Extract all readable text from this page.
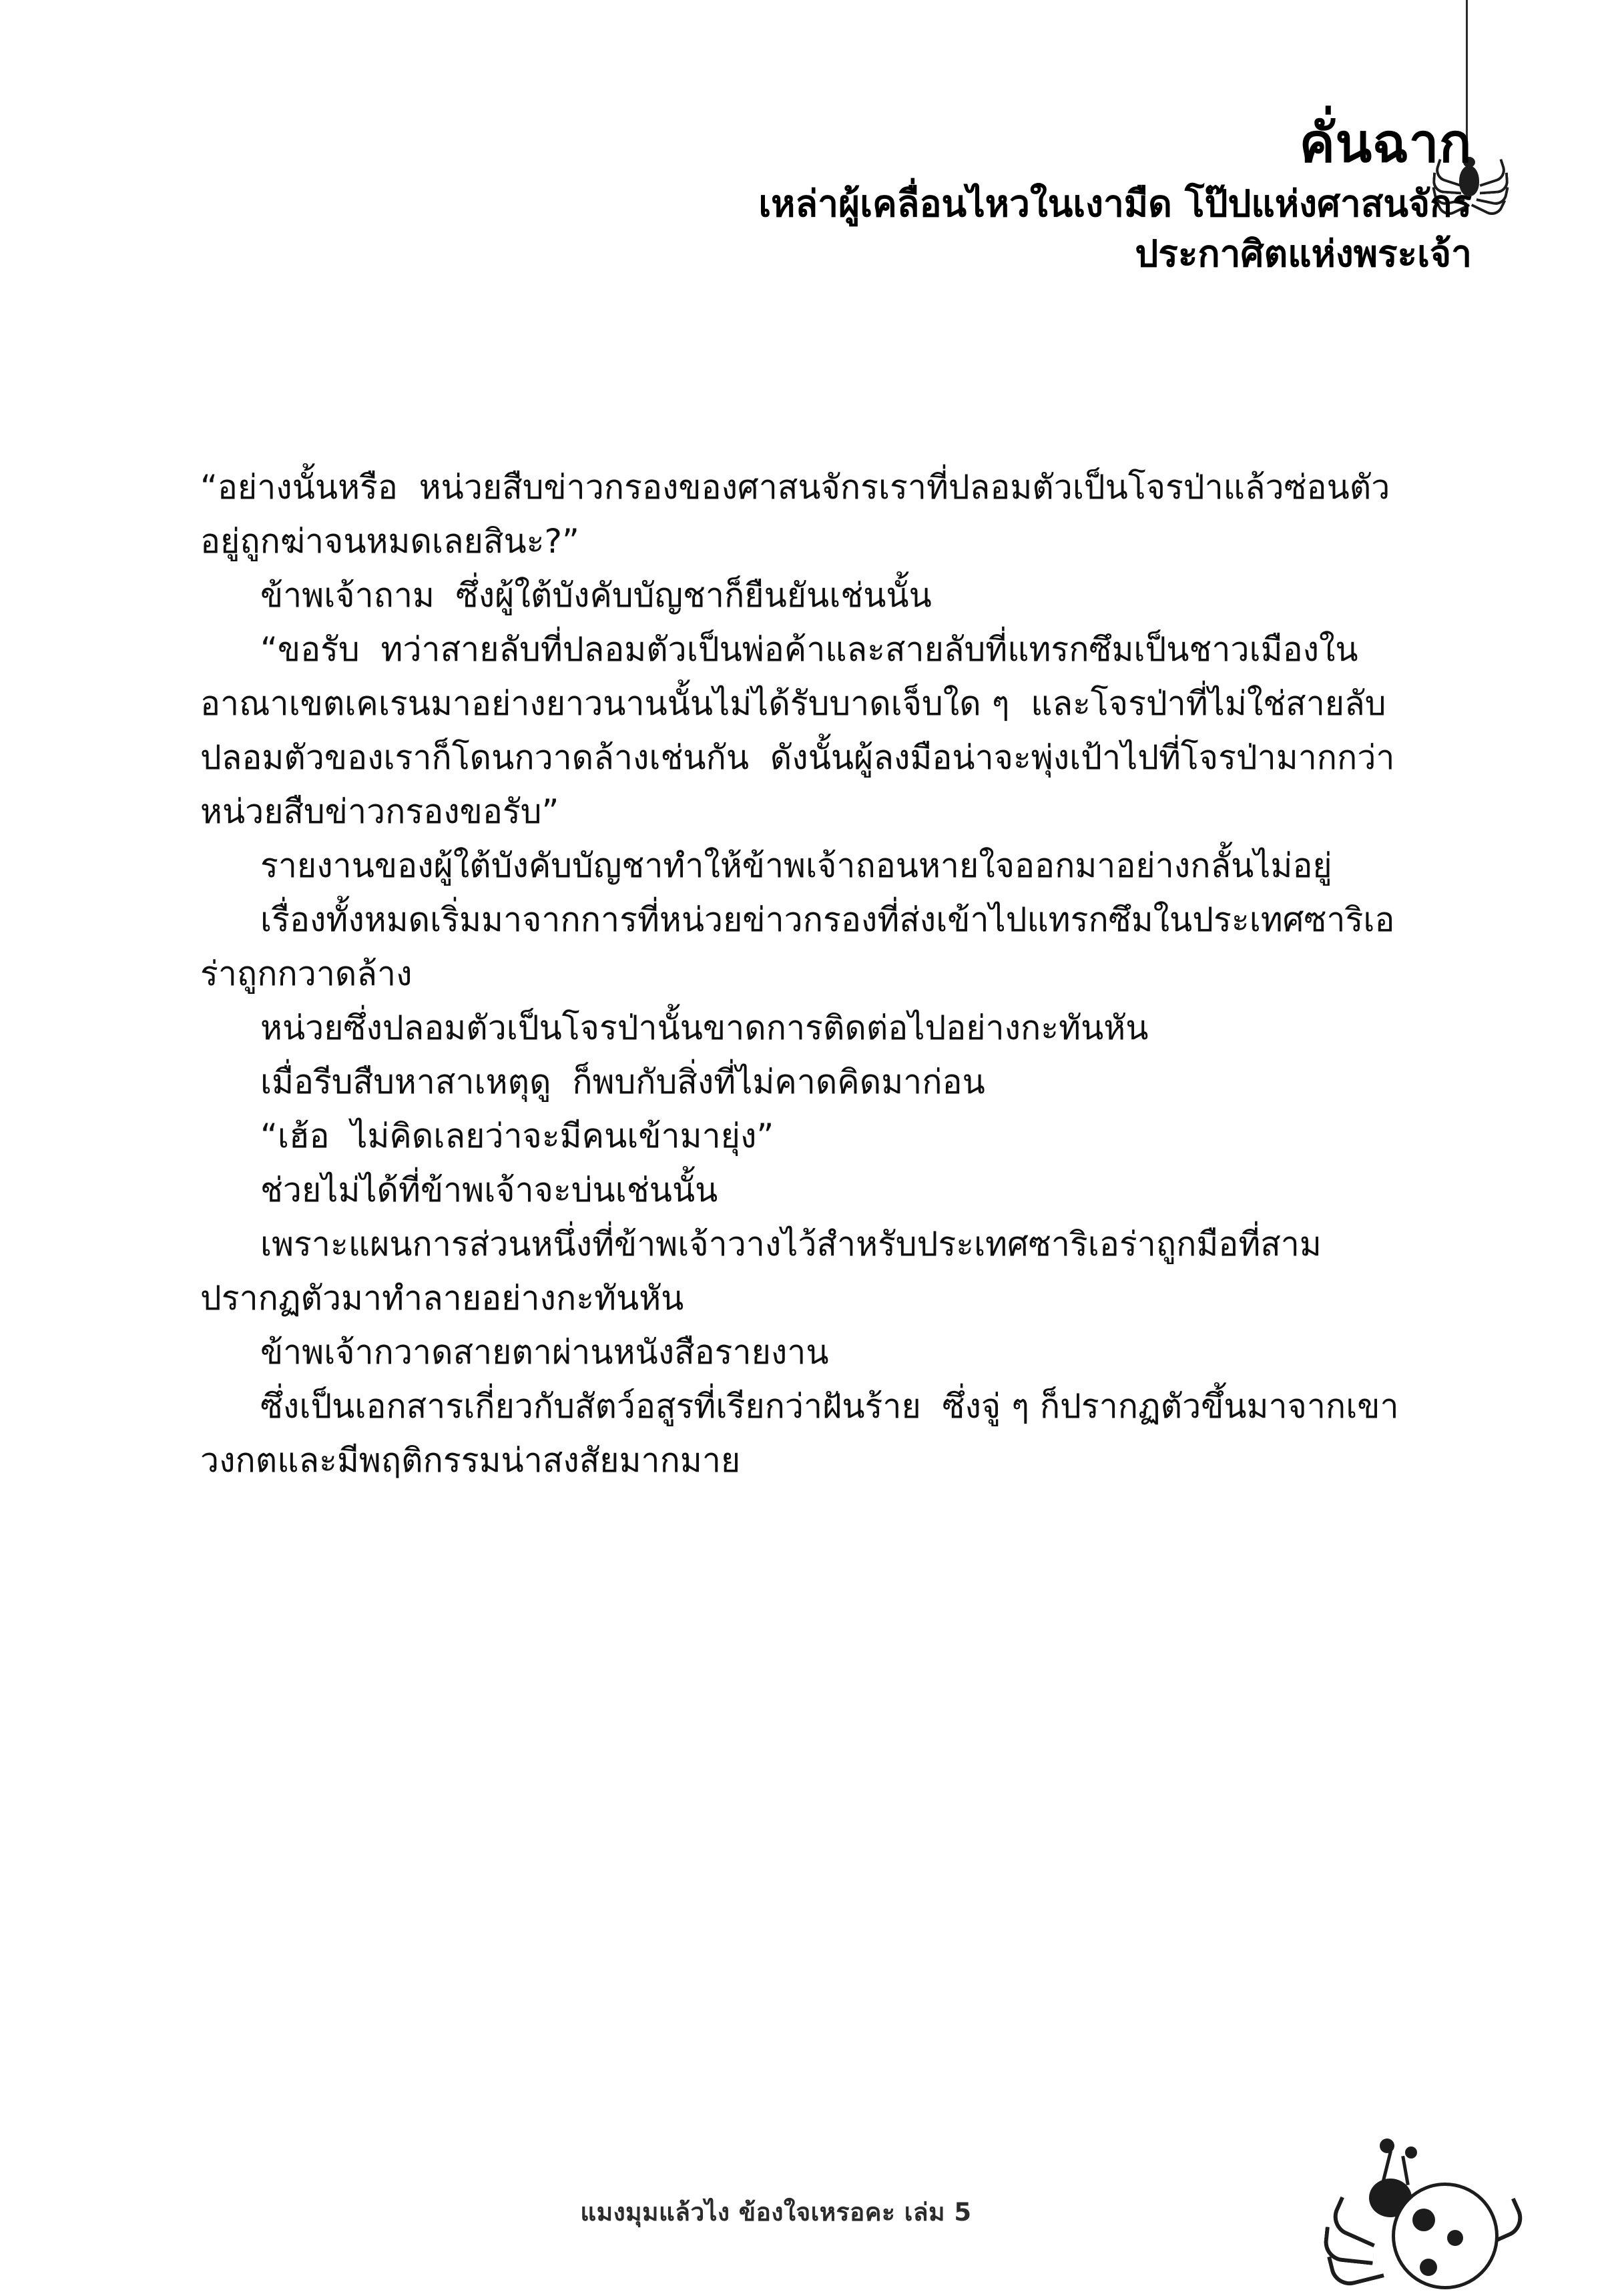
คั่นฉาก
เหล่าผู้เคลื่อนไหวในเงามืด โป๊ปแห่งศาสนจักร
ประกาศิตแห่งพระเจ้า

“อย่างนั้นหรือ  หน่วยสืบข่าวกรองของศาสนจักรเราที่ปลอมตัวเป็นโจรป่าแล้วซ่อนตัวอยู่ถูกฆ่าจนหมดเลยสินะ?”

ข้าพเจ้าถาม  ซึ่งผู้ใต้บังคับบัญชาก็ยืนยันเช่นนั้น

“ขอรับ  ทว่าสายลับที่ปลอมตัวเป็นพ่อค้าและสายลับที่แทรกซึมเป็นชาวเมืองในอาณาเขตเคเรนมาอย่างยาวนานนั้นไม่ได้รับบาดเจ็บใด ๆ  และโจรป่าที่ไม่ใช่สายลับปลอมตัวของเราก็โดนกวาดล้างเช่นกัน  ดังนั้นผู้ลงมือน่าจะพุ่งเป้าไปที่โจรป่ามากกว่าหน่วยสืบข่าวกรองขอรับ”

รายงานของผู้ใต้บังคับบัญชาทำให้ข้าพเจ้าถอนหายใจออกมาอย่างกลั้นไม่อยู่

เรื่องทั้งหมดเริ่มมาจากการที่หน่วยข่าวกรองที่ส่งเข้าไปแทรกซึมในประเทศซาริเอร่าถูกกวาดล้าง

หน่วยซึ่งปลอมตัวเป็นโจรป่านั้นขาดการติดต่อไปอย่างกะทันหัน

เมื่อรีบสืบหาสาเหตุดู  ก็พบกับสิ่งที่ไม่คาดคิดมาก่อน

“เฮ้อ  ไม่คิดเลยว่าจะมีคนเข้ามายุ่ง”

ช่วยไม่ได้ที่ข้าพเจ้าจะบ่นเช่นนั้น

เพราะแผนการส่วนหนึ่งที่ข้าพเจ้าวางไว้สำหรับประเทศซาริเอร่าถูกมือที่สามปรากฏตัวมาทำลายอย่างกะทันหัน

ข้าพเจ้ากวาดสายตาผ่านหนังสือรายงาน

ซึ่งเป็นเอกสารเกี่ยวกับสัตว์อสูรที่เรียกว่าฝันร้าย  ซึ่งจู่ ๆ ก็ปรากฏตัวขึ้นมาจากเขาวงกตและมีพฤติกรรมน่าสงสัยมากมาย

แมงมุมแล้วไง ข้องใจเหรอคะ เล่ม 5
